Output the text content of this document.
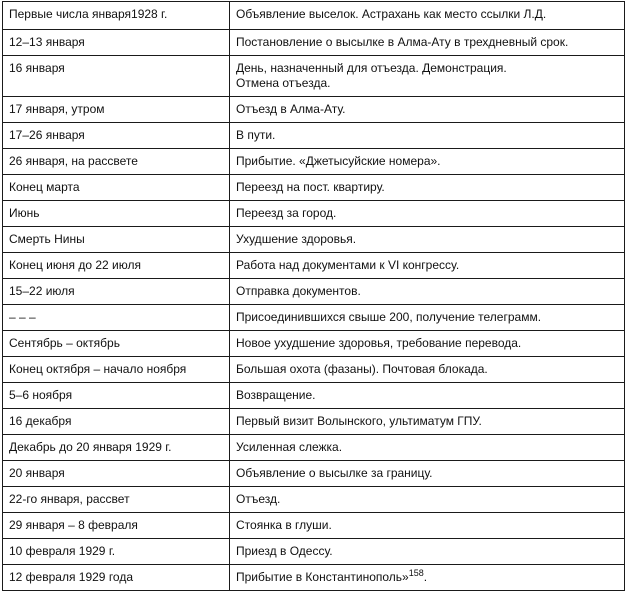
Первые числа января1928 г.	Объявление выселок. Астрахань как место ссылки Л.Д.
12–13 января	Постановление о высылке в Алма-Ату в трехдневный срок.
16 января	День, назначенный для отъезда. Демонстрация.
Отмена отъезда.
17 января, утром	Отъезд в Алма-Ату.
17–26 января	В пути.
26 января, на рассвете	Прибытие. «Джетысуйские номера».
Конец марта	Переезд на пост. квартиру.
Июнь	Переезд за город.
Смерть Нины	Ухудшение здоровья.
Конец июня до 22 июля	Работа над документами к VI конгрессу.
15–22 июля	Отправка документов.
– – –	Присоединившихся свыше 200, получение телеграмм.
Сентябрь – октябрь	Новое ухудшение здоровья, требование перевода.
Конец октября – начало ноября	Большая охота (фазаны). Почтовая блокада.
5–6 ноября	Возвращение.
16 декабря	Первый визит Волынского, ультиматум ГПУ.
Декабрь до 20 января 1929 г.	Усиленная слежка.
20 января	Объявление о высылке за границу.
22-го января, рассвет	Отъезд.
29 января – 8 февраля	Стоянка в глуши.
10 февраля 1929 г.	Приезд в Одессу.
12 февраля 1929 года	Прибытие в Константинополь»$^{158}$.
